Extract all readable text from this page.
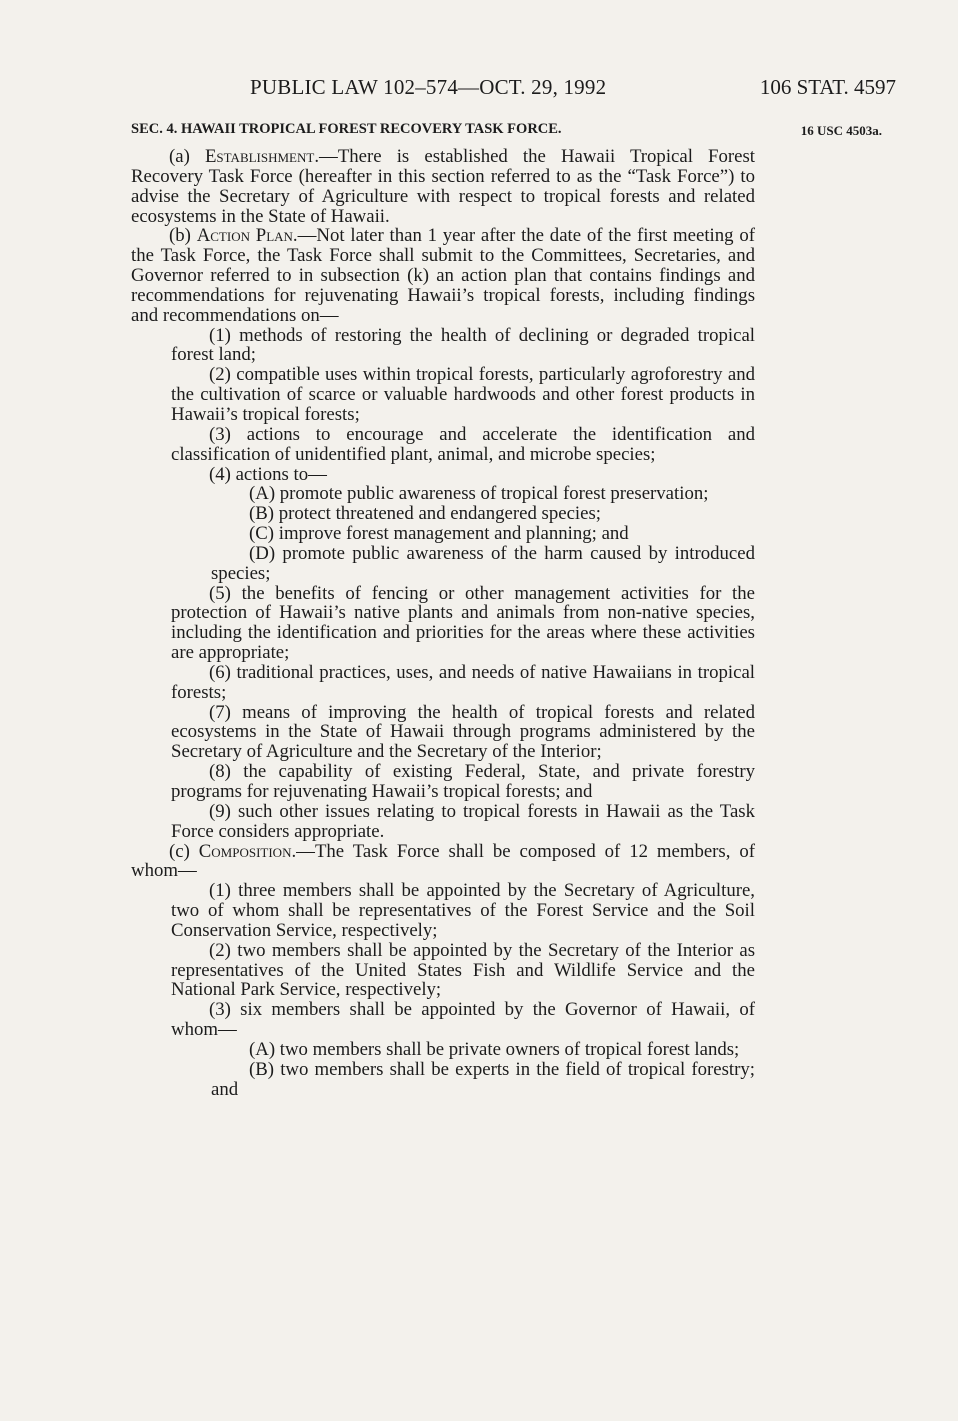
PUBLIC LAW 102–574—OCT. 29, 1992	106 STAT. 4597
SEC. 4. HAWAII TROPICAL FOREST RECOVERY TASK FORCE.	16 USC 4503a.

(a) Establishment.—There is established the Hawaii Tropical Forest Recovery Task Force (hereafter in this section referred to as the “Task Force”) to advise the Secretary of Agriculture with respect to tropical forests and related ecosystems in the State of Hawaii.

(b) Action Plan.—Not later than 1 year after the date of the first meeting of the Task Force, the Task Force shall submit to the Committees, Secretaries, and Governor referred to in subsection (k) an action plan that contains findings and recommendations for rejuvenating Hawaii’s tropical forests, including findings and recommendations on—

(1) methods of restoring the health of declining or degraded tropical forest land;

(2) compatible uses within tropical forests, particularly agroforestry and the cultivation of scarce or valuable hardwoods and other forest products in Hawaii’s tropical forests;

(3) actions to encourage and accelerate the identification and classification of unidentified plant, animal, and microbe species;

(4) actions to—

(A) promote public awareness of tropical forest preservation;

(B) protect threatened and endangered species;

(C) improve forest management and planning; and

(D) promote public awareness of the harm caused by introduced species;

(5) the benefits of fencing or other management activities for the protection of Hawaii’s native plants and animals from non-native species, including the identification and priorities for the areas where these activities are appropriate;

(6) traditional practices, uses, and needs of native Hawaiians in tropical forests;

(7) means of improving the health of tropical forests and related ecosystems in the State of Hawaii through programs administered by the Secretary of Agriculture and the Secretary of the Interior;

(8) the capability of existing Federal, State, and private forestry programs for rejuvenating Hawaii’s tropical forests; and

(9) such other issues relating to tropical forests in Hawaii as the Task Force considers appropriate.

(c) Composition.—The Task Force shall be composed of 12 members, of whom—

(1) three members shall be appointed by the Secretary of Agriculture, two of whom shall be representatives of the Forest Service and the Soil Conservation Service, respectively;

(2) two members shall be appointed by the Secretary of the Interior as representatives of the United States Fish and Wildlife Service and the National Park Service, respectively;

(3) six members shall be appointed by the Governor of Hawaii, of whom—

(A) two members shall be private owners of tropical forest lands;

(B) two members shall be experts in the field of tropical forestry; and
